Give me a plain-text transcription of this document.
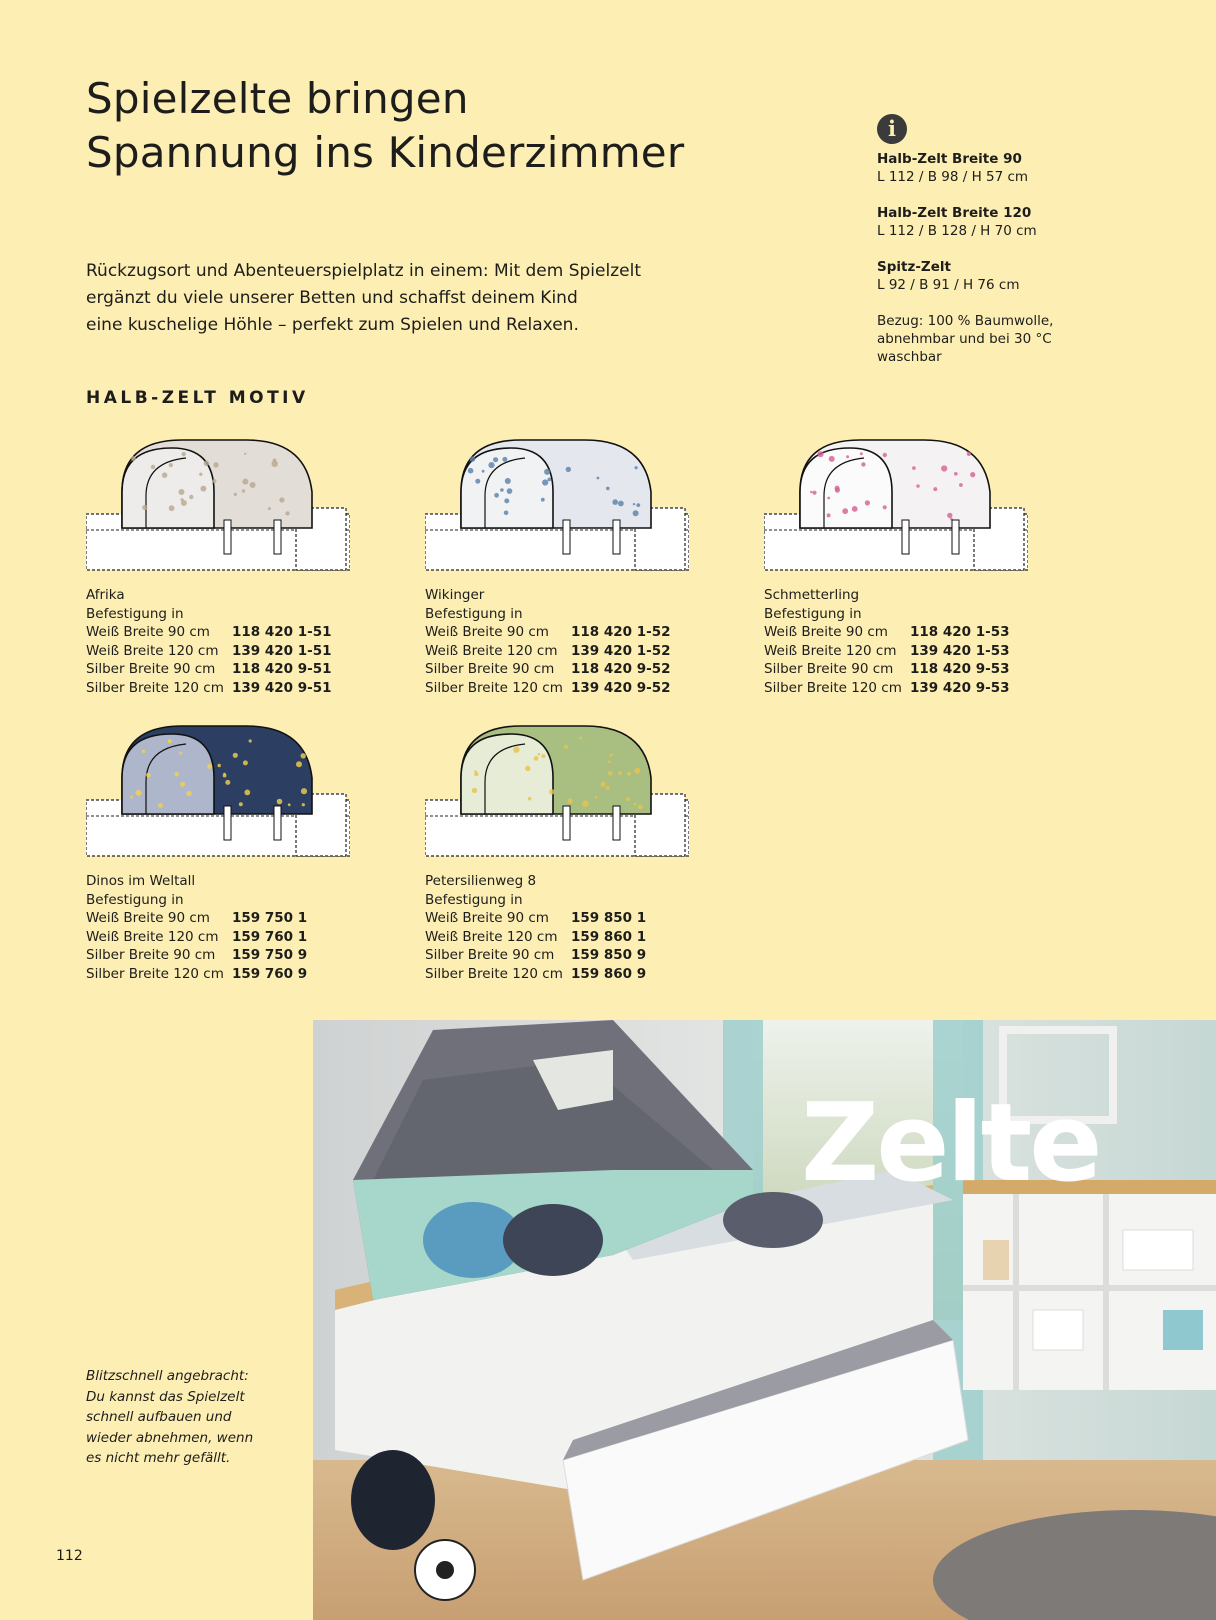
Spielzelte bringen
Spannung ins Kinderzimmer
Rückzugsort und Abenteuerspielplatz in einem: Mit dem Spielzelt
ergänzt du viele unserer Betten und schaffst deinem Kind
eine kuschelige Höhle – perfekt zum Spielen und Relaxen.
i
Halb-Zelt Breite 90
L 112 / B 98 / H 57 cm
Halb-Zelt Breite 120
L 112 / B 128 / H 70 cm
Spitz-Zelt
L 92 / B 91 / H 76 cm
Bezug: 100 % Baumwolle,
abnehmbar und bei 30 °C
waschbar
HALB-ZELT MOTIV
Afrika
Befestigung in
Weiß Breite 90 cm	118 420 1-51
Weiß Breite 120 cm 139 420 1-51
Silber Breite 90 cm	118 420 9-51
Silber Breite 120 cm 139 420 9-51
Wikinger
Befestigung in
Weiß Breite 90 cm	118 420 1-52
Weiß Breite 120 cm 139 420 1-52
Silber Breite 90 cm	118 420 9-52
Silber Breite 120 cm 139 420 9-52
Schmetterling
Befestigung in
Weiß Breite 90 cm	118 420 1-53
Weiß Breite 120 cm 139 420 1-53
Silber Breite 90 cm	118 420 9-53
Silber Breite 120 cm 139 420 9-53
Dinos im Weltall
Befestigung in
Weiß Breite 90 cm	159 750 1
Weiß Breite 120 cm 159 760 1
Silber Breite 90 cm	159 750 9
Silber Breite 120 cm 159 760 9
Petersilienweg 8
Befestigung in
Weiß Breite 90 cm	159 850 1
Weiß Breite 120 cm 159 860 1
Silber Breite 90 cm	159 850 9
Silber Breite 120 cm 159 860 9
Zelte
Blitzschnell angebracht:
Du kannst das Spielzelt
schnell aufbauen und
wieder abnehmen, wenn
es nicht mehr gefällt.
112
